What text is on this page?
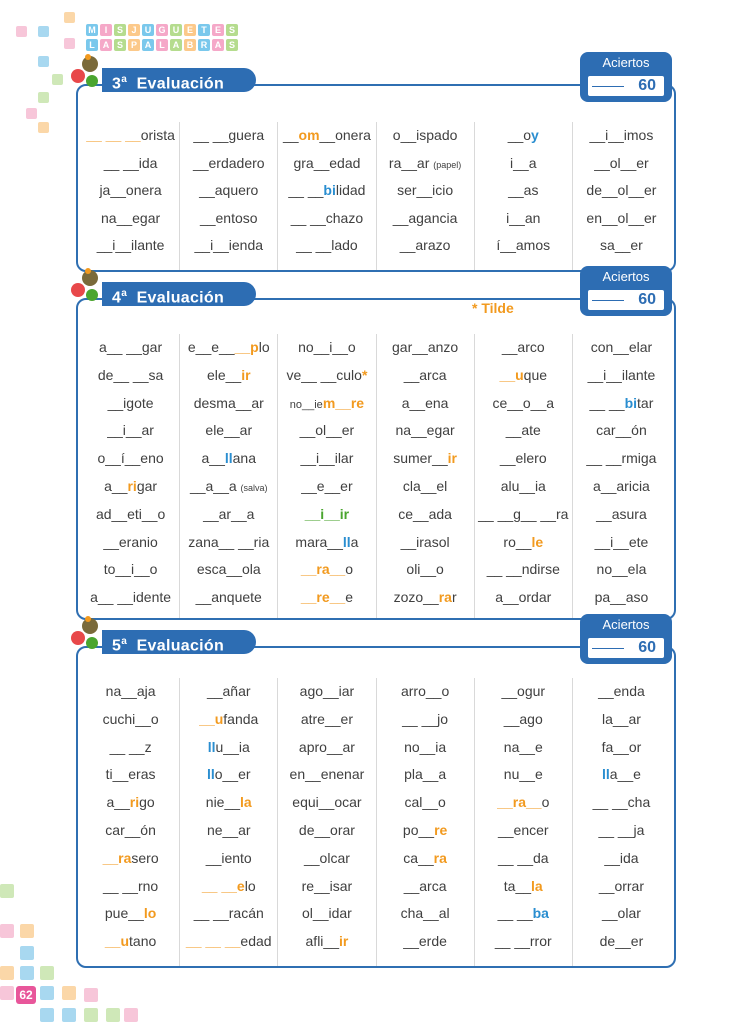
62
M I	S J U G U E T E S
L A S P A L A B R A S
3$^a$ Evaluación
Aciertos
60
__ __ __orista
__ __ida
ja__onera
na__egar
__i__ilante
__ __guera
__erdadero
__aquero
__entoso
__i__ienda
__om__onera
gra__edad
__ __bilidad
__ __chazo
__ __lado
o__ispado
ra__ar (papel)
ser__icio
__agancia
__arazo
__oy
i__a
__as
i__an
í__amos
__i__imos
__ol__er
de__ol__er
en__ol__er
sa__er
4$^a$ Evaluación
* Tilde
Aciertos
60
a__ __gar
de__ __sa
__igote
__i__ar
o__í__eno
a__rigar
ad__eti__o
__eranio
to__i__o
a__ __idente
e__e____plo
ele__ir
desma__ar
ele__ar
a__llana
__a__a (salva)
__ar__a
zana__ __ria
esca__ola
__anquete
no__i__o
ve__ __culo*
no__iem__re
__ol__er
__i__ilar
__e__er
__i__ir
mara__lla
__ra__o
__re__e
gar__anzo
__arca
a__ena
na__egar
sumer__ir
cla__el
ce__ada
__irasol
oli__o
zozo__rar
__arco
__uque
ce__o__a
__ate
__elero
alu__ia
__ __g__ __ra
ro__le
__ __ndirse
a__ordar
con__elar
__i__ilante
__ __bitar
car__ón
__ __rmiga
a__aricia
__asura
__i__ete
no__ela
pa__aso
5$^a$ Evaluación
Aciertos
60
na__aja
cuchi__o
__ __z
ti__eras
a__rigo
car__ón
__rasero
__ __rno
pue__lo
__utano
__añar
__ufanda
llu__ia
llo__er
nie__la
ne__ar
__iento
__ __elo
__ __racán
__ __ __edad
ago__iar
atre__er
apro__ar
en__enenar
equi__ocar
de__orar
__olcar
re__isar
ol__idar
afli__ir
arro__o
__ __jo
no__ia
pla__a
cal__o
po__re
ca__ra
__arca
cha__al
__erde
__ogur
__ago
na__e
nu__e
__ra__o
__encer
__ __da
ta__la
__ __ba
__ __rror
__enda
la__ar
fa__or
lla__e
__ __cha
__ __ja
__ida
__orrar
__olar
de__er
